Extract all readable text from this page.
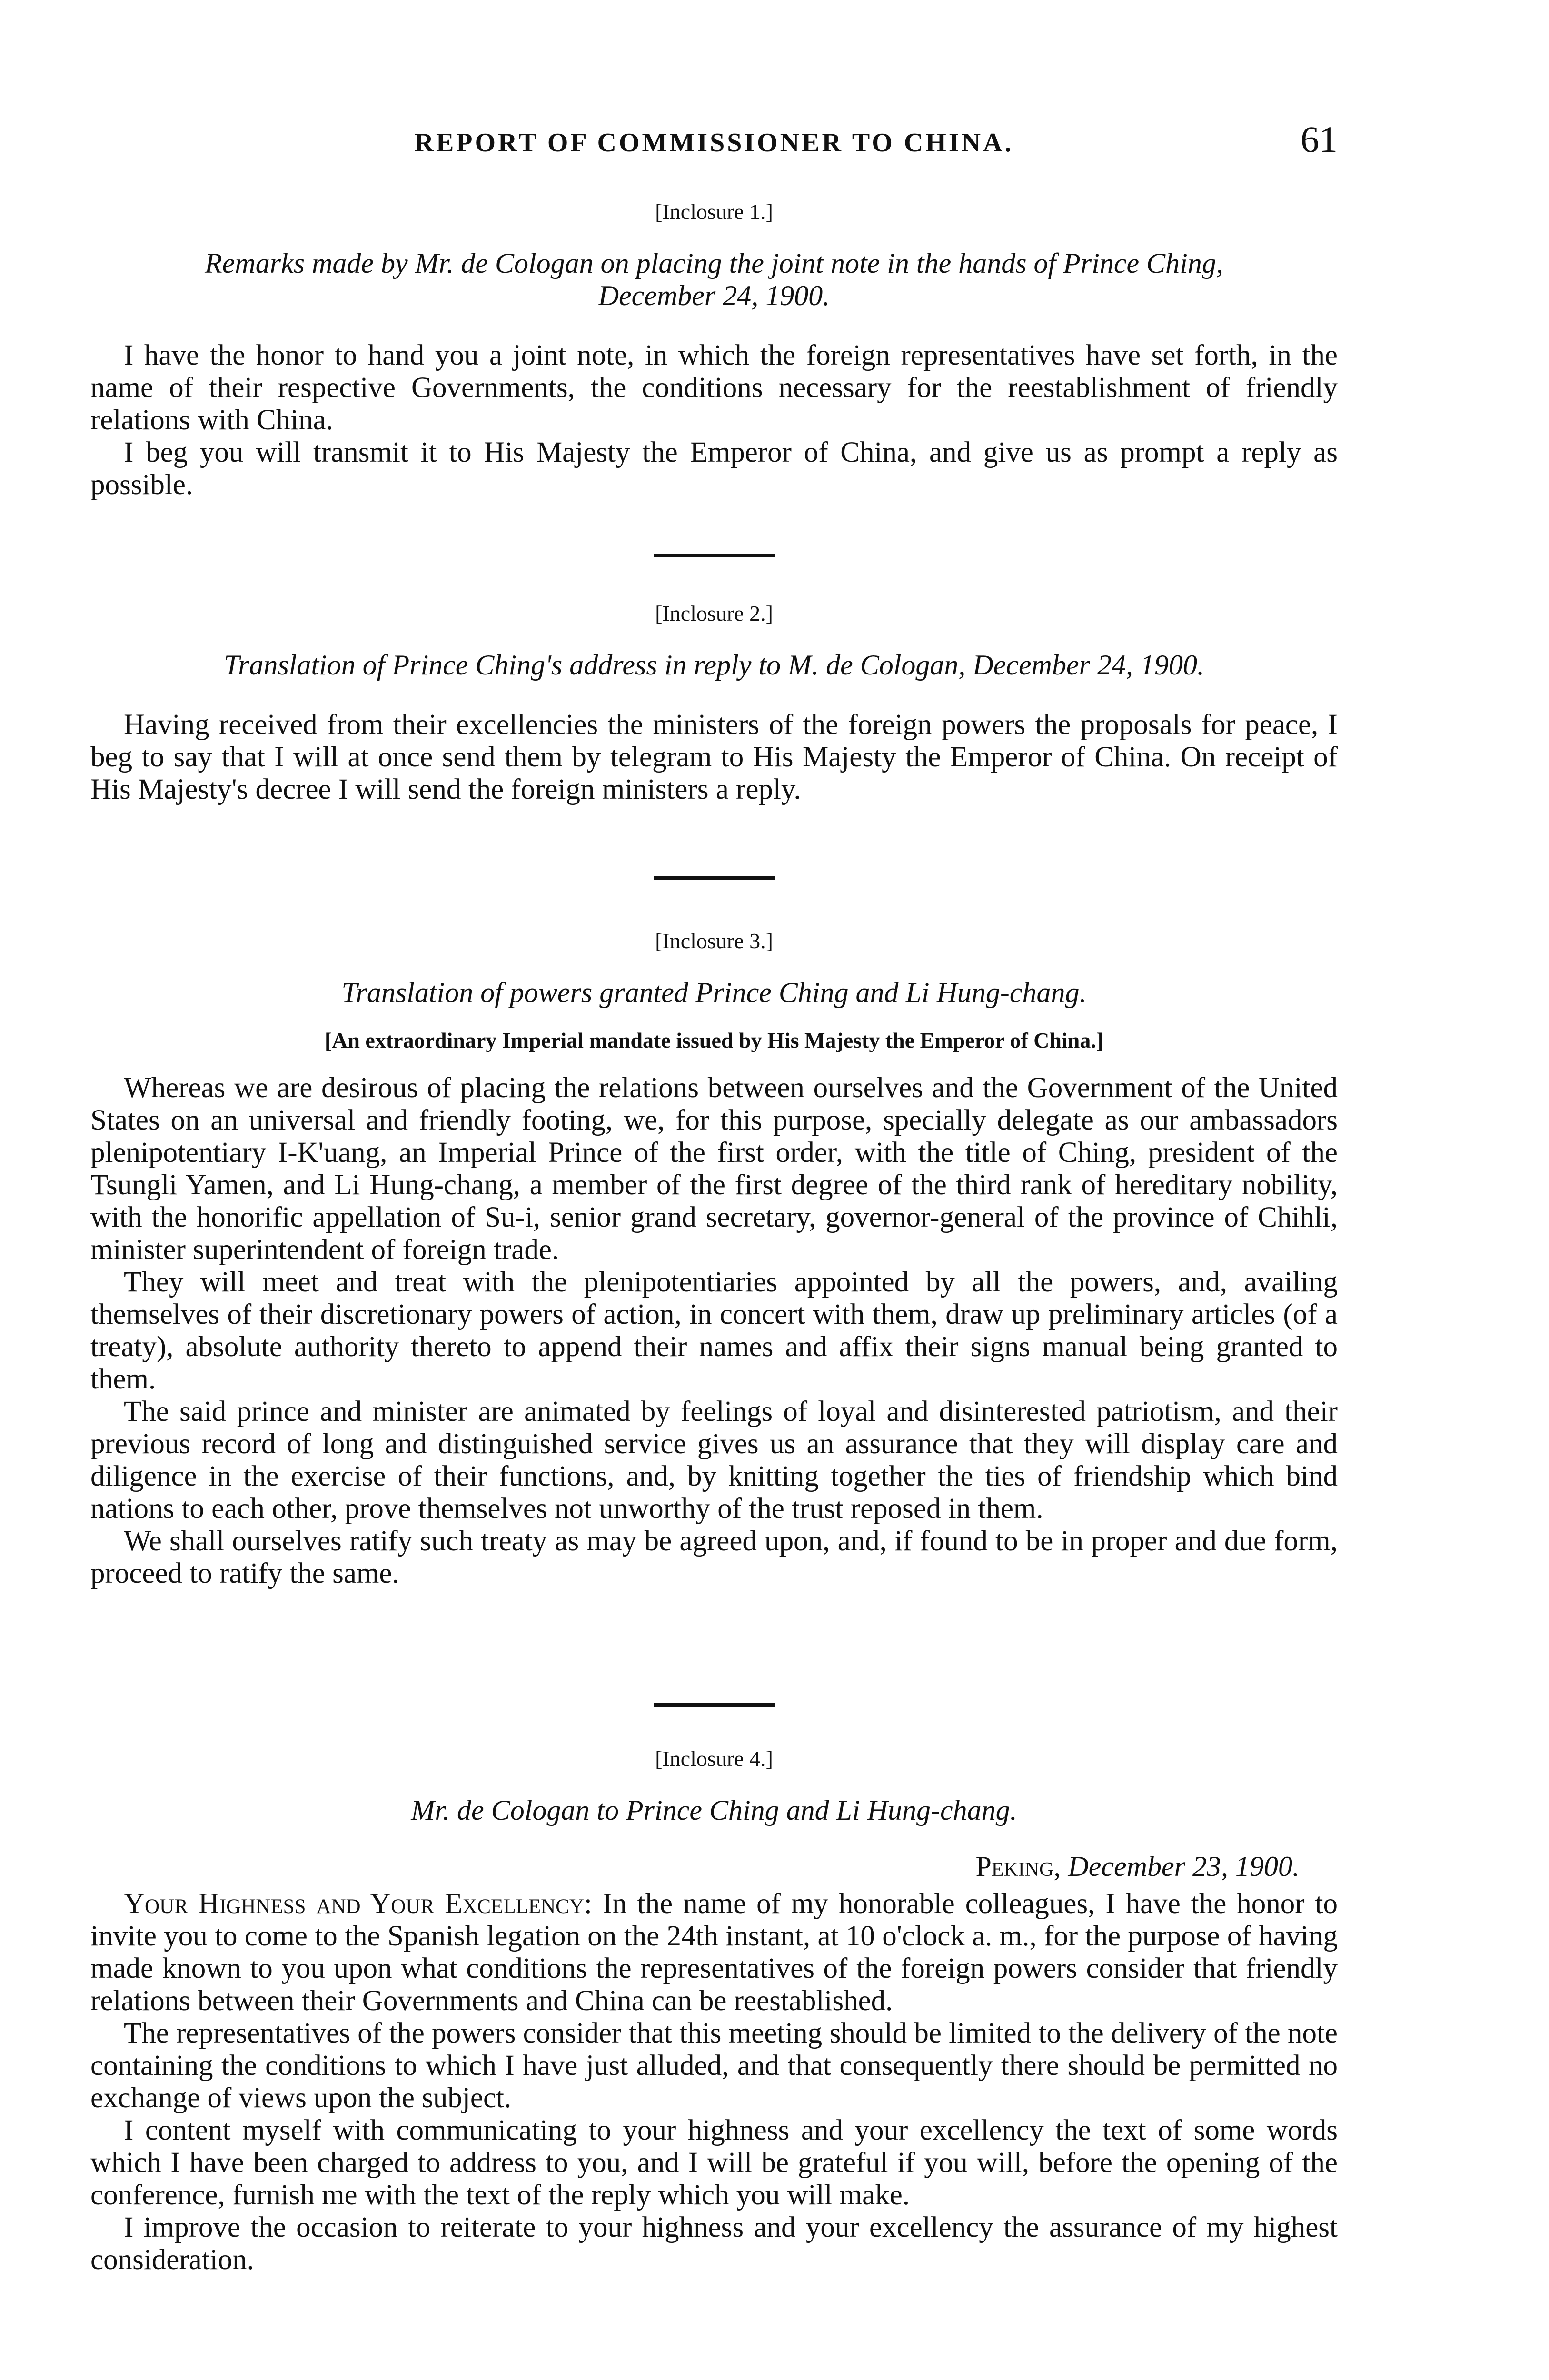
REPORT OF COMMISSIONER TO CHINA.	61

[Inclosure 1.]

Remarks made by Mr. de Cologan on placing the joint note in the hands of Prince Ching,

December 24, 1900.

I have the honor to hand you a joint note, in which the foreign representatives have set forth, in the name of their respective Governments, the conditions necessary for the reestablishment of friendly relations with China.

I beg you will transmit it to His Majesty the Emperor of China, and give us as prompt a reply as possible.

[Inclosure 2.]

Translation of Prince Ching's address in reply to M. de Cologan, December 24, 1900.

Having received from their excellencies the ministers of the foreign powers the proposals for peace, I beg to say that I will at once send them by telegram to His Majesty the Emperor of China. On receipt of His Majesty's decree I will send the foreign ministers a reply.

[Inclosure 3.]

Translation of powers granted Prince Ching and Li Hung-chang.

[An extraordinary Imperial mandate issued by His Majesty the Emperor of China.]

Whereas we are desirous of placing the relations between ourselves and the Government of the United States on an universal and friendly footing, we, for this purpose, specially delegate as our ambassadors plenipotentiary I-K'uang, an Imperial Prince of the first order, with the title of Ching, president of the Tsungli Yamen, and Li Hung-chang, a member of the first degree of the third rank of hereditary nobility, with the honorific appellation of Su-i, senior grand secretary, governor-general of the province of Chihli, minister superintendent of foreign trade.

They will meet and treat with the plenipotentiaries appointed by all the powers, and, availing themselves of their discretionary powers of action, in concert with them, draw up preliminary articles (of a treaty), absolute authority thereto to append their names and affix their signs manual being granted to them.

The said prince and minister are animated by feelings of loyal and disinterested patriotism, and their previous record of long and distinguished service gives us an assurance that they will display care and diligence in the exercise of their functions, and, by knitting together the ties of friendship which bind nations to each other, prove themselves not unworthy of the trust reposed in them.

We shall ourselves ratify such treaty as may be agreed upon, and, if found to be in proper and due form, proceed to ratify the same.

[Inclosure 4.]

Mr. de Cologan to Prince Ching and Li Hung-chang.

Peking, December 23, 1900.

Your Highness and Your Excellency: In the name of my honorable colleagues, I have the honor to invite you to come to the Spanish legation on the 24th instant, at 10 o'clock a. m., for the purpose of having made known to you upon what conditions the representatives of the foreign powers consider that friendly relations between their Governments and China can be reestablished.

The representatives of the powers consider that this meeting should be limited to the delivery of the note containing the conditions to which I have just alluded, and that consequently there should be permitted no exchange of views upon the subject.

I content myself with communicating to your highness and your excellency the text of some words which I have been charged to address to you, and I will be grateful if you will, before the opening of the conference, furnish me with the text of the reply which you will make.

I improve the occasion to reiterate to your highness and your excellency the assurance of my highest consideration.
